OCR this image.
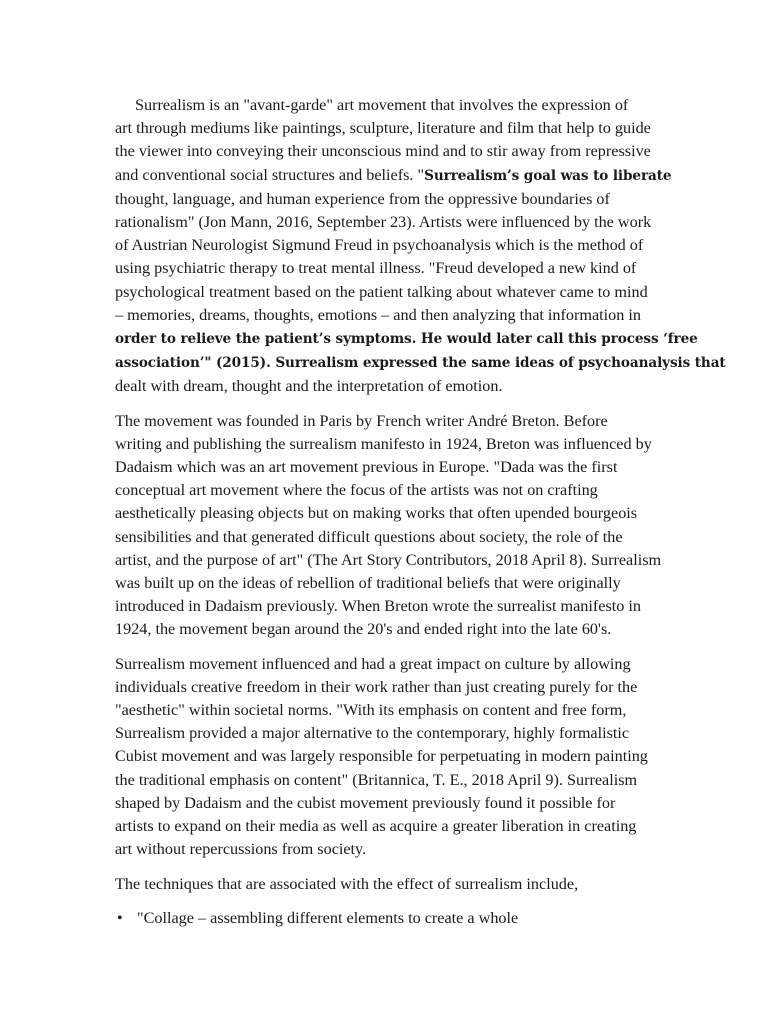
Surrealism is an "avant-garde" art movement that involves the expression of
art through mediums like paintings, sculpture, literature and film that help to guide
the viewer into conveying their unconscious mind and to stir away from repressive
and conventional social structures and beliefs. "Surrealism’s goal was to liberate
thought, language, and human experience from the oppressive boundaries of
rationalism" (Jon Mann, 2016, September 23). Artists were influenced by the work
of Austrian Neurologist Sigmund Freud in psychoanalysis which is the method of
using psychiatric therapy to treat mental illness. "Freud developed a new kind of
psychological treatment based on the patient talking about whatever came to mind
– memories, dreams, thoughts, emotions – and then analyzing that information in
order to relieve the patient’s symptoms. He would later call this process ‘free
association’" (2015). Surrealism expressed the same ideas of psychoanalysis that
dealt with dream, thought and the interpretation of emotion.
The movement was founded in Paris by French writer André Breton. Before
writing and publishing the surrealism manifesto in 1924, Breton was influenced by
Dadaism which was an art movement previous in Europe. "Dada was the first
conceptual art movement where the focus of the artists was not on crafting
aesthetically pleasing objects but on making works that often upended bourgeois
sensibilities and that generated difficult questions about society, the role of the
artist, and the purpose of art" (The Art Story Contributors, 2018 April 8). Surrealism
was built up on the ideas of rebellion of traditional beliefs that were originally
introduced in Dadaism previously. When Breton wrote the surrealist manifesto in
1924, the movement began around the 20's and ended right into the late 60's.
Surrealism movement influenced and had a great impact on culture by allowing
individuals creative freedom in their work rather than just creating purely for the
"aesthetic" within societal norms. "With its emphasis on content and free form,
Surrealism provided a major alternative to the contemporary, highly formalistic
Cubist movement and was largely responsible for perpetuating in modern painting
the traditional emphasis on content" (Britannica, T. E., 2018 April 9). Surrealism
shaped by Dadaism and the cubist movement previously found it possible for
artists to expand on their media as well as acquire a greater liberation in creating
art without repercussions from society.
The techniques that are associated with the effect of surrealism include,
• "Collage – assembling different elements to create a whole
